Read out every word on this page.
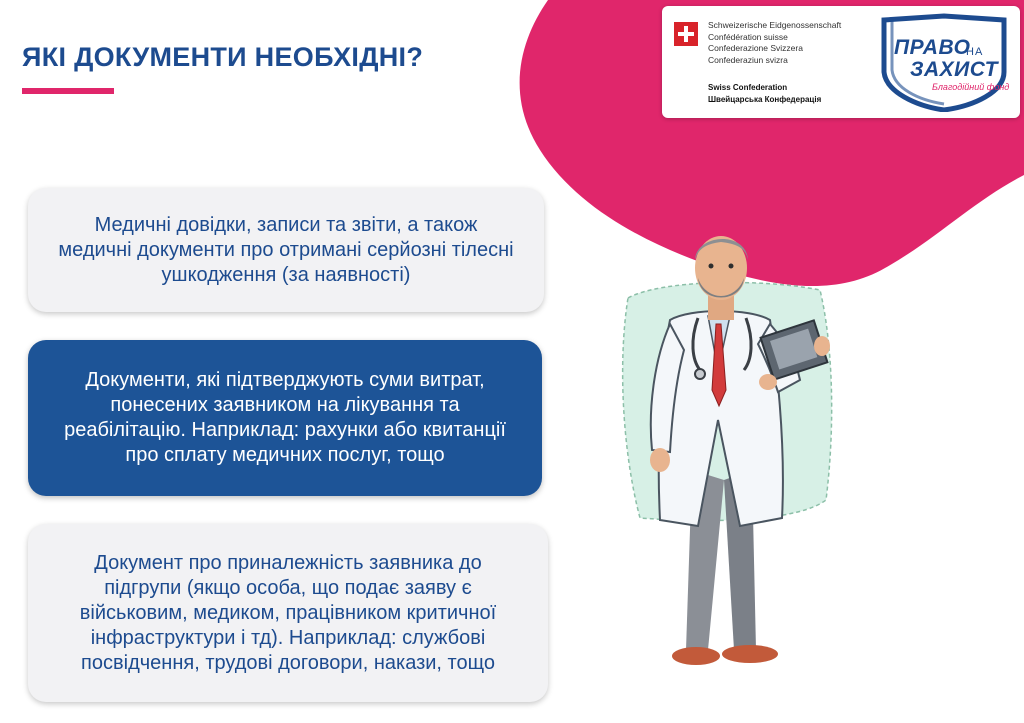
ЯКІ ДОКУМЕНТИ НЕОБХІДНІ?
Schweizerische Eidgenossenschaft
Confédération suisse
Confederazione Svizzera
Confederaziun svizra
Swiss Confederation
Швейцарська Конфедерація
ПРАВО
НА
ЗАХИСТ
Благодійний фонд
Медичні довідки, записи та звіти, а також медичні документи про отримані серйозні тілесні ушкодження (за наявності)
Документи, які підтверджують суми витрат, понесених заявником на лікування та реабілітацію. Наприклад: рахунки або квитанції про сплату медичних послуг, тощо
Документ про приналежність заявника до підгрупи (якщо особа, що подає заяву є військовим, медиком, працівником критичної інфраструктури і тд). Наприклад: службові посвідчення, трудові договори, накази, тощо
